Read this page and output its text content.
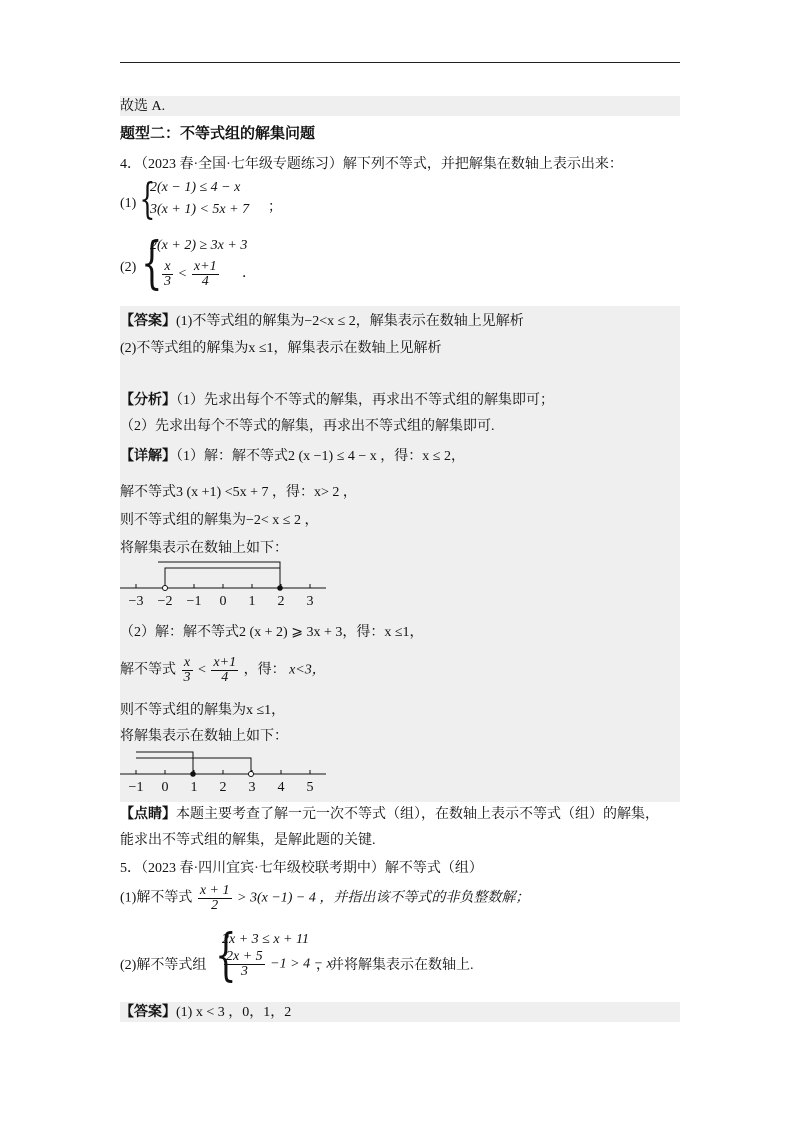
故选 A.
题型二：不等式组的解集问题
4．（2023 春·全国·七年级专题练习）解下列不等式，并把解集在数轴上表示出来：
(1) {
2(x − 1) ≤ 4 − x
3(x + 1) < 5x + 7 ；
(2) {
2(x + 2) ≥ 3x + 3
$\frac{x}{3} < \frac{x+1}{4}$ ．
【答案】(1)不等式组的解集为−2<x ≤ 2，解集表示在数轴上见解析
(2)不等式组的解集为x ≤1，解集表示在数轴上见解析
【分析】（1）先求出每个不等式的解集，再求出不等式组的解集即可；
（2）先求出每个不等式的解集，再求出不等式组的解集即可.
【详解】（1）解：解不等式2 (x −1) ≤ 4 − x ，得：x ≤ 2，
解不等式3 (x +1) <5x + 7 ，得：x> 2 ，
则不等式组的解集为−2< x ≤ 2 ，
将解集表示在数轴上如下：
−3 −2 −1 0 1 2 3
（2）解：解不等式2 (x + 2) ⩾ 3x + 3，得：x ≤1，
解不等式 $\frac{x}{3} < \frac{x+1}{4}$ ，得： x<3，
则不等式组的解集为x ≤1，
将解集表示在数轴上如下：
−1 0 1 2 3 4 5
【点睛】本题主要考查了解一元一次不等式（组），在数轴上表示不等式（组）的解集，
能求出不等式组的解集，是解此题的关键.
5．（2023 春·四川宜宾·七年级校联考期中）解不等式（组）
(1)解不等式 $\frac{x + 1}{2} > 3(x -1) - 4$ ，并指出该不等式的非负整数解；
(2)解不等式组 {
2x + 3 ≤ x + 11
$\frac{2x + 5}{3} -1 > 4 - x$
，并将解集表示在数轴上.
【答案】(1) x < 3 ，0，1，2
